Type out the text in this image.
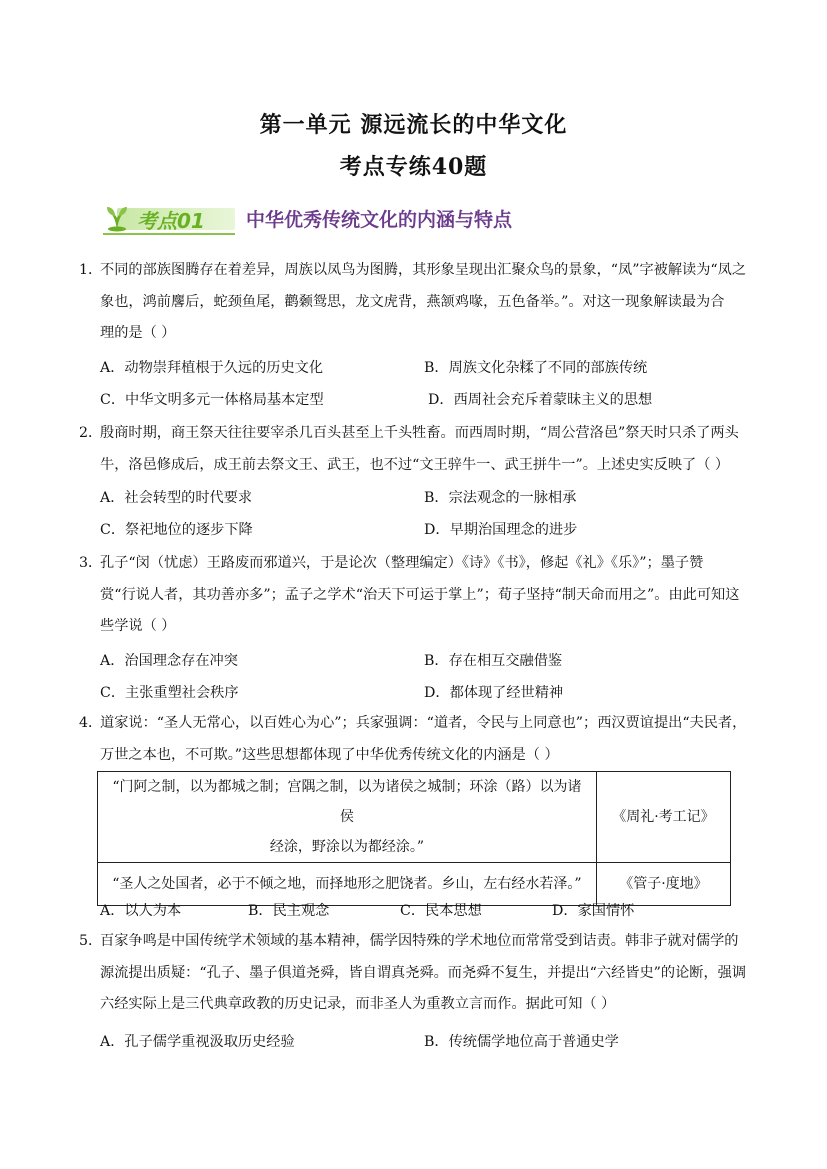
第一单元 源远流长的中华文化
考点专练40题
考点01 中华优秀传统文化的内涵与特点
1．不同的部族图腾存在着差异，周族以凤鸟为图腾，其形象呈现出汇聚众鸟的景象，“凤”字被解读为“凤之
象也，鸿前麐后，蛇颈鱼尾，鹳颡鸳思，龙文虎背，燕颔鸡喙，五色备举。”。对这一现象解读最为合
理的是（ ）
A．动物崇拜植根于久远的历史文化	B．周族文化杂糅了不同的部族传统
C．中华文明多元一体格局基本定型	D．西周社会充斥着蒙昧主义的思想
2．殷商时期，商王祭天往往要宰杀几百头甚至上千头牲畜。而西周时期，“周公营洛邑”祭天时只杀了两头
牛，洛邑修成后，成王前去祭文王、武王，也不过“文王骍牛一、武王拼牛一”。上述史实反映了（ ）
A．社会转型的时代要求	B．宗法观念的一脉相承
C．祭祀地位的逐步下降	D．早期治国理念的进步
3．孔子“闵（忧虑）王路废而邪道兴，于是论次（整理编定）《诗》《书》，修起《礼》《乐》”；墨子赞
赏“行说人者，其功善亦多”；孟子之学术“治天下可运于掌上”；荀子坚持“制天命而用之”。由此可知这
些学说（ ）
A．治国理念存在冲突	B．存在相互交融借鉴
C．主张重塑社会秩序	D．都体现了经世精神
4．道家说：“圣人无常心，以百姓心为心”；兵家强调：“道者，令民与上同意也”；西汉贾谊提出“夫民者，
万世之本也，不可欺。”这些思想都体现了中华优秀传统文化的内涵是（ ）
“门阿之制，以为都城之制；宫隅之制，以为诸侯之城制；环涂（路）以为诸侯
经涂，野涂以为都经涂。”	《周礼·考工记》

“圣人之处国者，必于不倾之地，而择地形之肥饶者。乡山，左右经水若泽。”	《管子·度地》
A．以人为本	B．民主观念	C．民本思想	D．家国情怀
5．百家争鸣是中国传统学术领域的基本精神，儒学因特殊的学术地位而常常受到诘责。韩非子就对儒学的
源流提出质疑：“孔子、墨子俱道尧舜，皆自谓真尧舜。而尧舜不复生，并提出“六经皆史”的论断，强调
六经实际上是三代典章政教的历史记录，而非圣人为重教立言而作。据此可知（ ）
A．孔子儒学重视汲取历史经验	B．传统儒学地位高于普通史学
